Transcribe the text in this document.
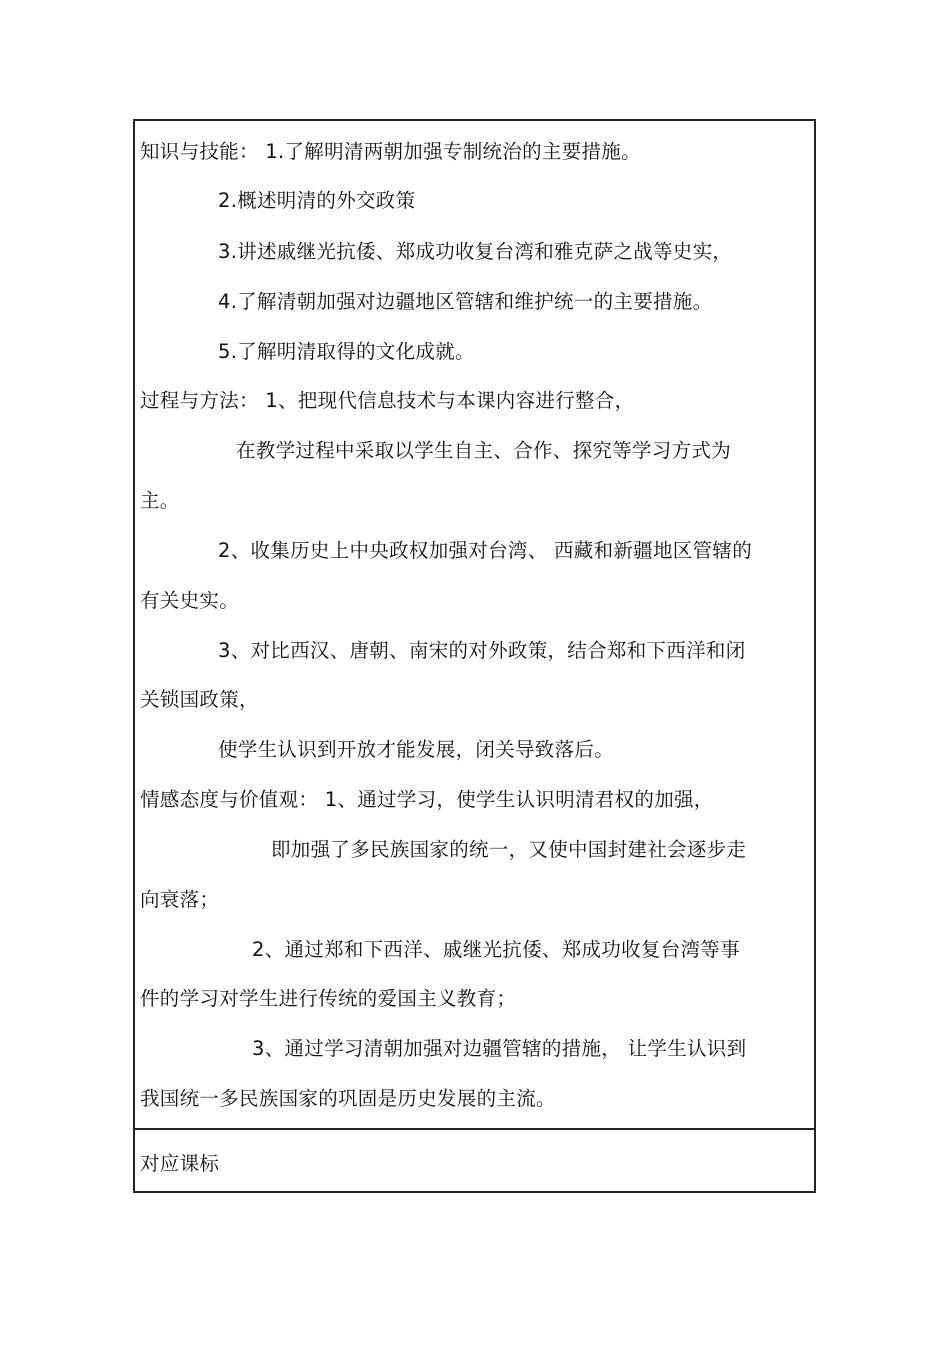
知识与技能： 1.了解明清两朝加强专制统治的主要措施。
2.概述明清的外交政策
3.讲述戚继光抗倭、郑成功收复台湾和雅克萨之战等史实，
4.了解清朝加强对边疆地区管辖和维护统一的主要措施。
5.了解明清取得的文化成就。
过程与方法： 1、把现代信息技术与本课内容进行整合，
在教学过程中采取以学生自主、合作、探究等学习方式为
主。
2、收集历史上中央政权加强对台湾、 西藏和新疆地区管辖的
有关史实。
3、对比西汉、唐朝、南宋的对外政策，结合郑和下西洋和闭
关锁国政策，
使学生认识到开放才能发展，闭关导致落后。
情感态度与价值观： 1、通过学习，使学生认识明清君权的加强，
即加强了多民族国家的统一，又使中国封建社会逐步走
向衰落；
2、通过郑和下西洋、戚继光抗倭、郑成功收复台湾等事
件的学习对学生进行传统的爱国主义教育；
3、通过学习清朝加强对边疆管辖的措施， 让学生认识到
我国统一多民族国家的巩固是历史发展的主流。
对应课标
